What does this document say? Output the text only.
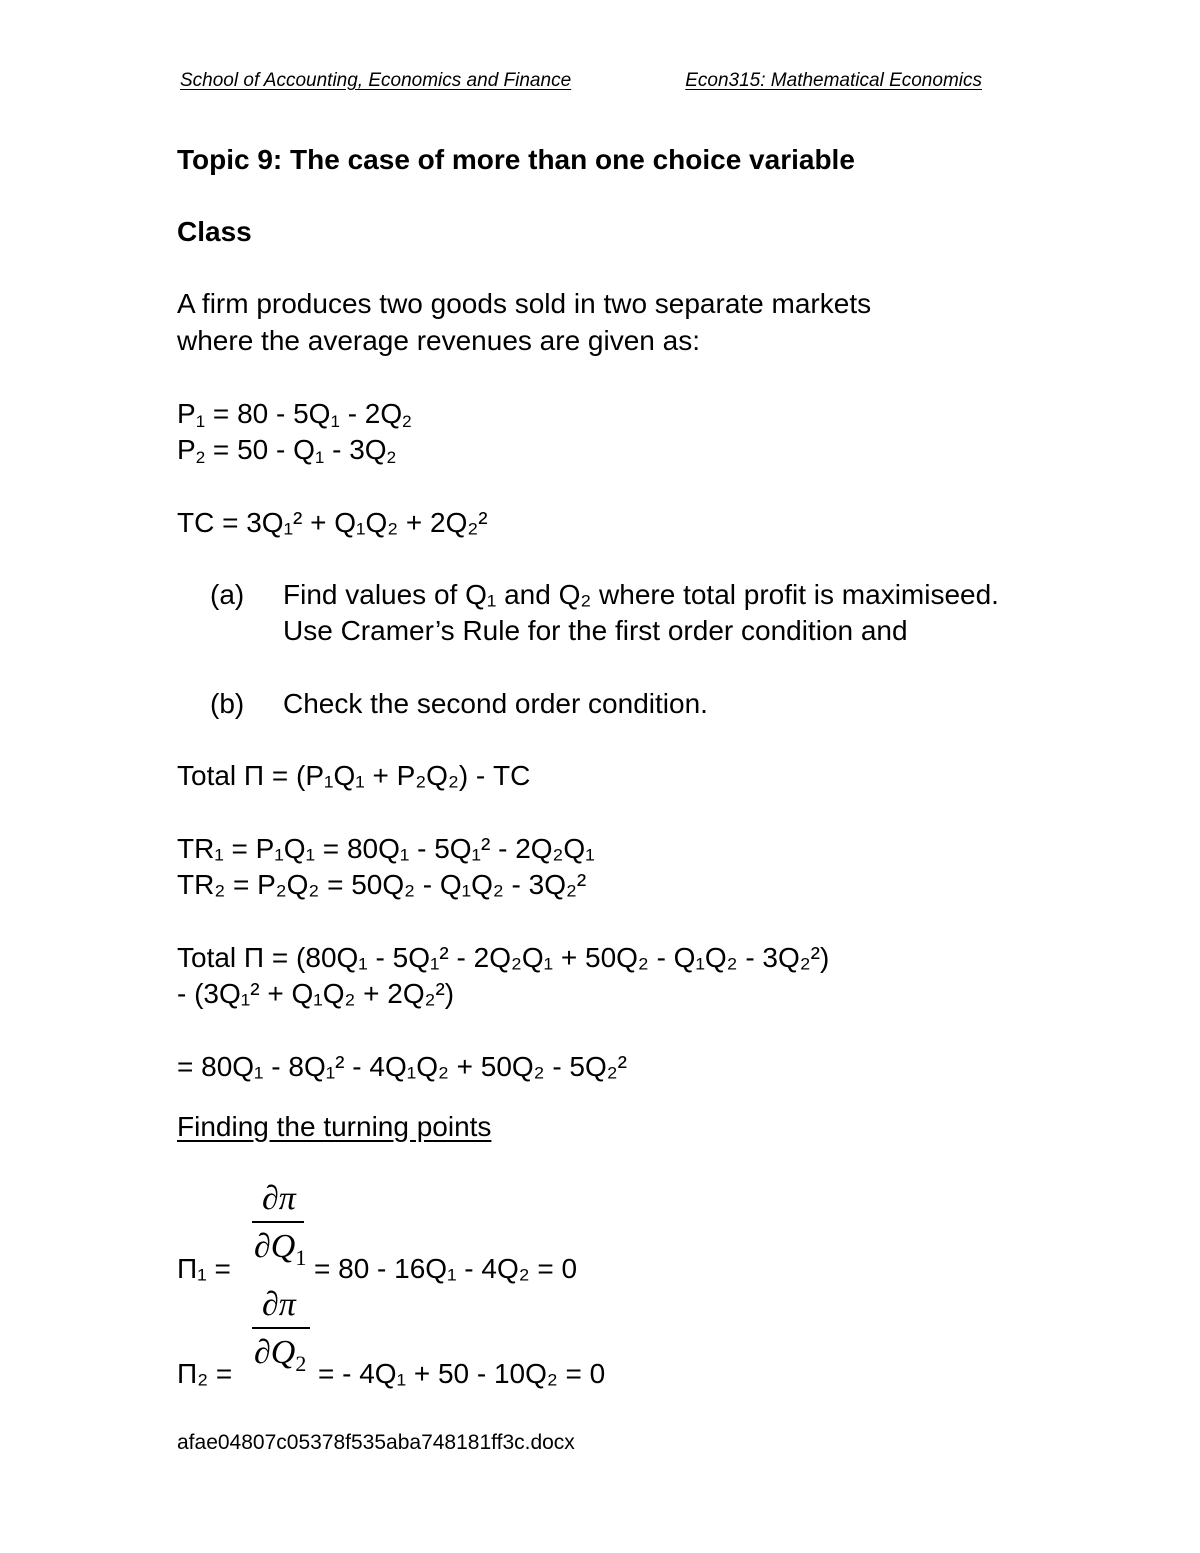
School of Accounting, Economics and Finance	Econ315: Mathematical Economics
Topic 9: The case of more than one choice variable
Class
A firm produces two goods sold in two separate markets
where the average revenues are given as:
$P_1 = 80 - 5Q_1 - 2Q_2$
$P_2 = 50 - Q_1 - 3Q_2$
TC = 3Q₁² + Q₁Q₂ + 2Q₂²
(a)	Find values of Q₁ and Q₂ where total profit is maximiseed. Use Cramer’s Rule for the first order condition and
(b)	Check the second order condition.
Total Π = (P₁Q₁ + P₂Q₂) - TC
TR₁ = P₁Q₁ = 80Q₁ - 5Q₁² - 2Q₂Q₁
TR₂ = P₂Q₂ = 50Q₂ - Q₁Q₂ - 3Q₂²
Total Π = (80Q₁ - 5Q₁² - 2Q₂Q₁ + 50Q₂ - Q₁Q₂ - 3Q₂²)
- (3Q₁² + Q₁Q₂ + 2Q₂²)
= 80Q₁ - 8Q₁² - 4Q₁Q₂ + 50Q₂ - 5Q₂²
Finding the turning points
Π₁ =
∂π
$\partial Q_1 = 80 - 16Q_1 - 4Q_2 = 0$
Π₂ =
∂π
$\partial Q_2$ = - 4Q₁ + 50 - 10Q₂ = 0
afae04807c05378f535aba748181ff3c.docx
